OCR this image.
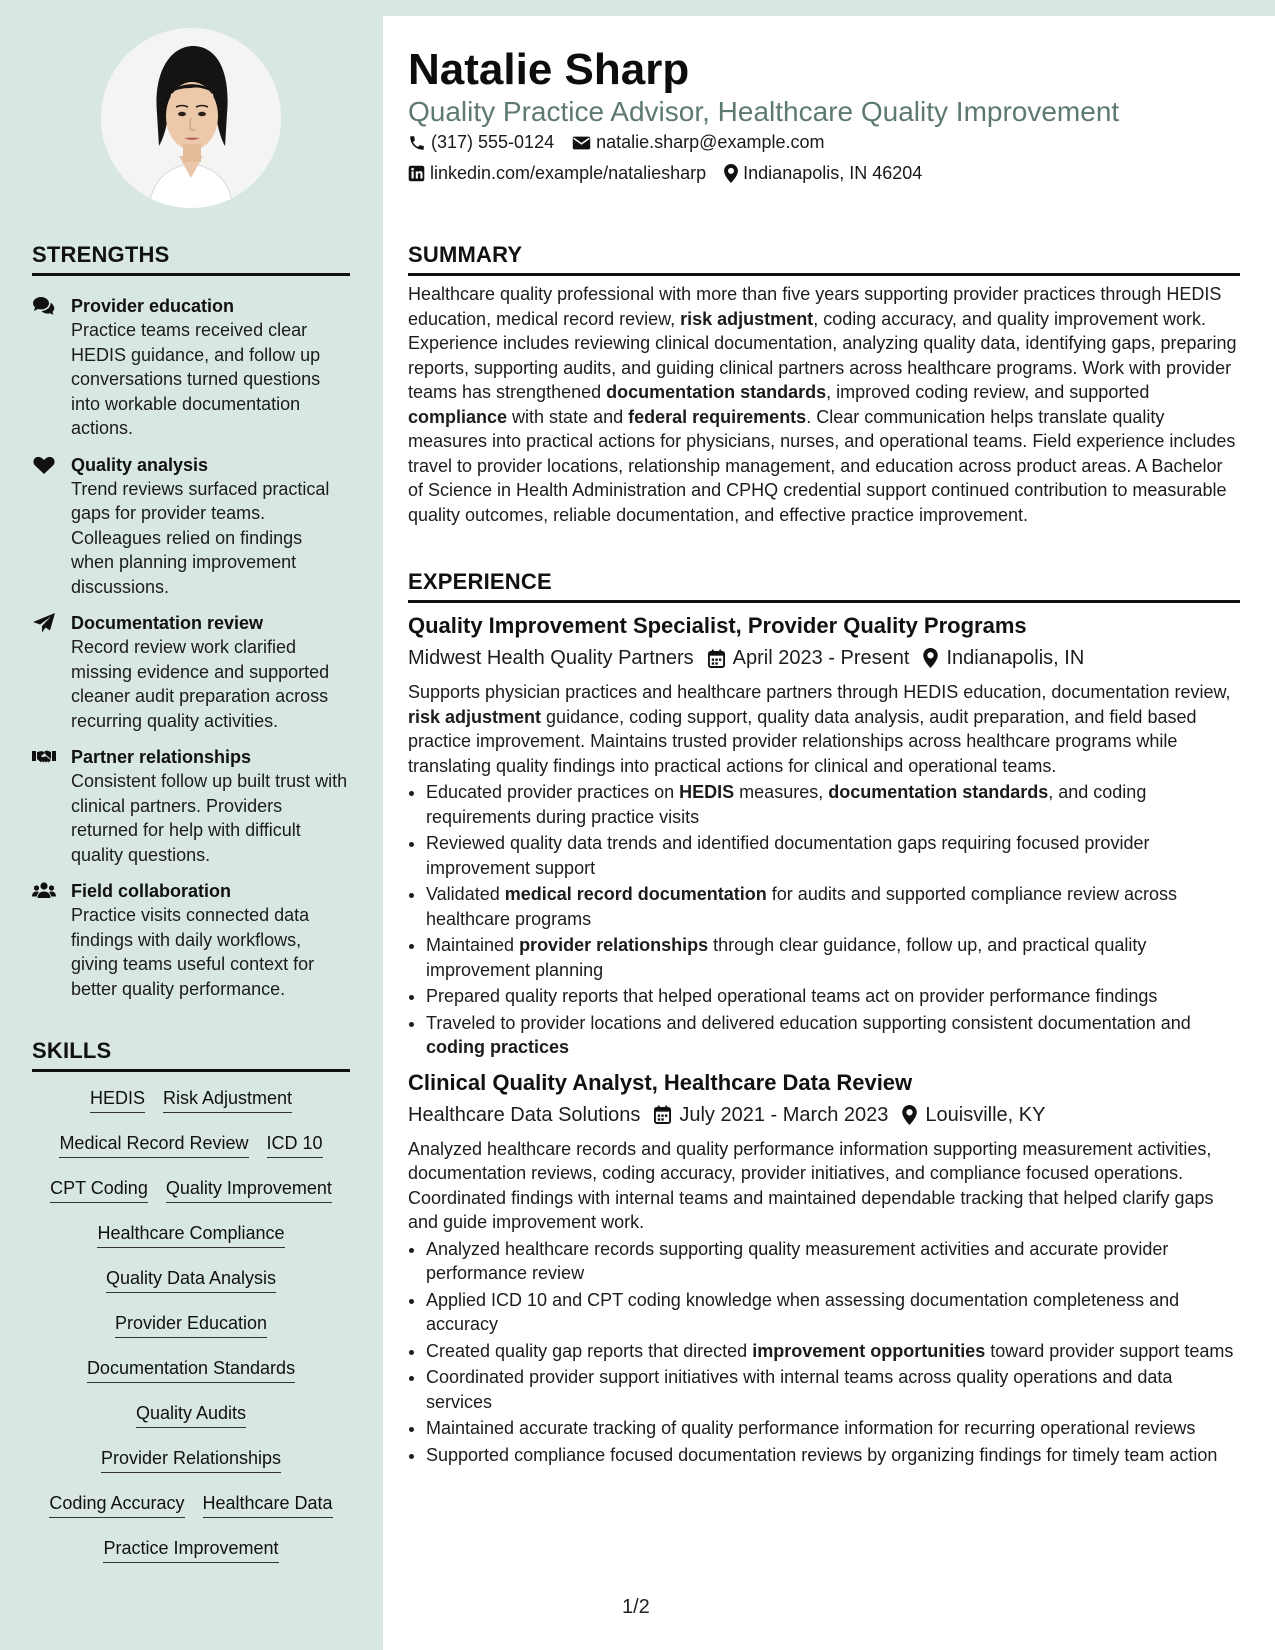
Natalie Sharp
Quality Practice Advisor, Healthcare Quality Improvement
(317) 555-0124 natalie.sharp@example.com
linkedin.com/example/nataliesharp Indianapolis, IN 46204
STRENGTHS
Provider education
Practice teams received clear HEDIS guidance, and follow up conversations turned questions into workable documentation actions.
Quality analysis
Trend reviews surfaced practical gaps for provider teams. Colleagues relied on findings when planning improvement discussions.
Documentation review
Record review work clarified missing evidence and supported cleaner audit preparation across recurring quality activities.
Partner relationships
Consistent follow up built trust with clinical partners. Providers returned for help with difficult quality questions.
Field collaboration
Practice visits connected data findings with daily workflows, giving teams useful context for better quality performance.
SKILLS
HEDIS Risk Adjustment
Medical Record Review ICD 10
CPT Coding Quality Improvement
Healthcare Compliance
Quality Data Analysis
Provider Education
Documentation Standards
Quality Audits
Provider Relationships
Coding Accuracy Healthcare Data
Practice Improvement
SUMMARY

Healthcare quality professional with more than five years supporting provider practices through HEDIS education, medical record review, risk adjustment, coding accuracy, and quality improvement work. Experience includes reviewing clinical documentation, analyzing quality data, identifying gaps, preparing reports, supporting audits, and guiding clinical partners across healthcare programs. Work with provider teams has strengthened documentation standards, improved coding review, and supported compliance with state and federal requirements. Clear communication helps translate quality measures into practical actions for physicians, nurses, and operational teams. Field experience includes travel to provider locations, relationship management, and education across product areas. A Bachelor of Science in Health Administration and CPHQ credential support continued contribution to measurable quality outcomes, reliable documentation, and effective practice improvement.

EXPERIENCE
Quality Improvement Specialist, Provider Quality Programs
Midwest Health Quality Partners April 2023 - Present Indianapolis, IN

Supports physician practices and healthcare partners through HEDIS education, documentation review, risk adjustment guidance, coding support, quality data analysis, audit preparation, and field based practice improvement. Maintains trusted provider relationships across healthcare programs while translating quality findings into practical actions for clinical and operational teams.

• Educated provider practices on HEDIS measures, documentation standards, and coding requirements during practice visits
• Reviewed quality data trends and identified documentation gaps requiring focused provider improvement support
• Validated medical record documentation for audits and supported compliance review across healthcare programs
• Maintained provider relationships through clear guidance, follow up, and practical quality improvement planning
• Prepared quality reports that helped operational teams act on provider performance findings
• Traveled to provider locations and delivered education supporting consistent documentation and coding practices
Clinical Quality Analyst, Healthcare Data Review
Healthcare Data Solutions July 2021 - March 2023 Louisville, KY

Analyzed healthcare records and quality performance information supporting measurement activities, documentation reviews, coding accuracy, provider initiatives, and compliance focused operations. Coordinated findings with internal teams and maintained dependable tracking that helped clarify gaps and guide improvement work.

• Analyzed healthcare records supporting quality measurement activities and accurate provider performance review
• Applied ICD 10 and CPT coding knowledge when assessing documentation completeness and accuracy
• Created quality gap reports that directed improvement opportunities toward provider support teams
• Coordinated provider support initiatives with internal teams across quality operations and data services
• Maintained accurate tracking of quality performance information for recurring operational reviews
• Supported compliance focused documentation reviews by organizing findings for timely team action
1/2
